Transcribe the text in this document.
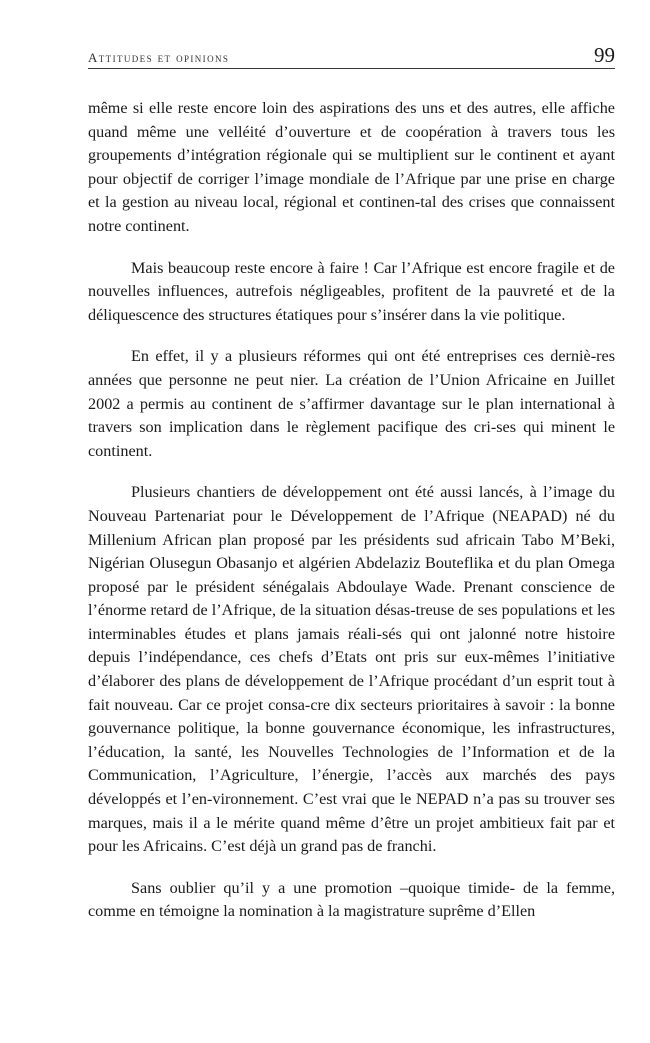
Attitudes et opinions	99

même si elle reste encore loin des aspirations des uns et des autres, elle affiche quand même une velléité d’ouverture et de coopération à travers tous les groupements d’intégration régionale qui se multiplient sur le continent et ayant pour objectif de corriger l’image mondiale de l’Afrique par une prise en charge et la gestion au niveau local, régional et continen-tal des crises que connaissent notre continent.

Mais beaucoup reste encore à faire ! Car l’Afrique est encore fragile et de nouvelles influences, autrefois négligeables, profitent de la pauvreté et de la déliquescence des structures étatiques pour s’insérer dans la vie politique.

En effet, il y a plusieurs réformes qui ont été entreprises ces derniè-res années que personne ne peut nier. La création de l’Union Africaine en Juillet 2002 a permis au continent de s’affirmer davantage sur le plan international à travers son implication dans le règlement pacifique des cri-ses qui minent le continent.

Plusieurs chantiers de développement ont été aussi lancés, à l’image du Nouveau Partenariat pour le Développement de l’Afrique (NEAPAD) né du Millenium African plan proposé par les présidents sud africain Tabo M’Beki, Nigérian Olusegun Obasanjo et algérien Abdelaziz Bouteflika et du plan Omega proposé par le président sénégalais Abdoulaye Wade. Prenant conscience de l’énorme retard de l’Afrique, de la situation désas-treuse de ses populations et les interminables études et plans jamais réali-sés qui ont jalonné notre histoire depuis l’indépendance, ces chefs d’Etats ont pris sur eux-mêmes l’initiative d’élaborer des plans de développement de l’Afrique procédant d’un esprit tout à fait nouveau. Car ce projet consa-cre dix secteurs prioritaires à savoir : la bonne gouvernance politique, la bonne gouvernance économique, les infrastructures, l’éducation, la santé, les Nouvelles Technologies de l’Information et de la Communication, l’Agriculture, l’énergie, l’accès aux marchés des pays développés et l’en-vironnement. C’est vrai que le NEPAD n’a pas su trouver ses marques, mais il a le mérite quand même d’être un projet ambitieux fait par et pour les Africains. C’est déjà un grand pas de franchi.

Sans oublier qu’il y a une promotion –quoique timide- de la femme, comme en témoigne la nomination à la magistrature suprême d’Ellen
